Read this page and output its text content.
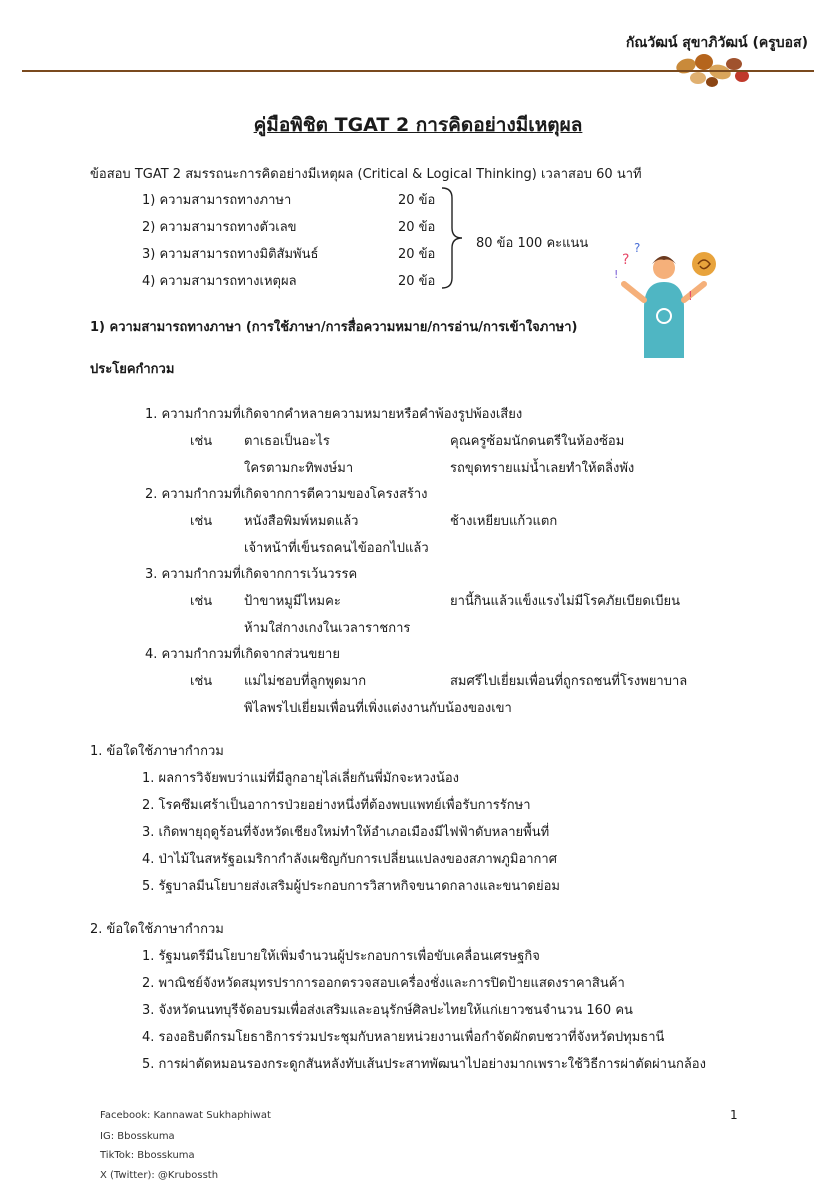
กัณวัฒน์ สุขาภิวัฒน์ (ครูบอส)
คู่มือพิชิต TGAT 2 การคิดอย่างมีเหตุผล
ข้อสอบ TGAT 2 สมรรถนะการคิดอย่างมีเหตุผล (Critical & Logical Thinking) เวลาสอบ 60 นาที
1) ความสามารถทางภาษา	20 ข้อ
2) ความสามารถทางตัวเลข	20 ข้อ
3) ความสามารถทางมิติสัมพันธ์	20 ข้อ
4) ความสามารถทางเหตุผล	20 ข้อ
80 ข้อ 100 คะแนน
?
?
!
!
1) ความสามารถทางภาษา (การใช้ภาษา/การสื่อความหมาย/การอ่าน/การเข้าใจภาษา)
ประโยคกำกวม
1. ความกำกวมที่เกิดจากคำหลายความหมายหรือคำพ้องรูปพ้องเสียง
เช่น ตาเธอเป็นอะไร	คุณครูซ้อมนักดนตรีในห้องซ้อม
ใครตามกะทิพงษ์มา	รถขุดทรายแม่น้ำเลยทำให้ตลิ่งพัง
2. ความกำกวมที่เกิดจากการตีความของโครงสร้าง
เช่น หนังสือพิมพ์หมดแล้ว	ช้างเหยียบแก้วแตก
เจ้าหน้าที่เข็นรถคนไข้ออกไปแล้ว
3. ความกำกวมที่เกิดจากการเว้นวรรค
เช่น ป้าขาหมูมีไหมคะ	ยานี้กินแล้วแข็งแรงไม่มีโรคภัยเบียดเบียน
ห้ามใส่กางเกงในเวลาราชการ
4. ความกำกวมที่เกิดจากส่วนขยาย
เช่น แม่ไม่ชอบที่ลูกพูดมาก	สมศรีไปเยี่ยมเพื่อนที่ถูกรถชนที่โรงพยาบาล
พิไลพรไปเยี่ยมเพื่อนที่เพิ่งแต่งงานกับน้องของเขา
1. ข้อใดใช้ภาษากำกวม
1. ผลการวิจัยพบว่าแม่ที่มีลูกอายุไล่เลี่ยกันพี่มักจะหวงน้อง
2. โรคซึมเศร้าเป็นอาการป่วยอย่างหนึ่งที่ต้องพบแพทย์เพื่อรับการรักษา
3. เกิดพายุฤดูร้อนที่จังหวัดเชียงใหม่ทำให้อำเภอเมืองมีไฟฟ้าดับหลายพื้นที่
4. ป่าไม้ในสหรัฐอเมริกากำลังเผชิญกับการเปลี่ยนแปลงของสภาพภูมิอากาศ
5. รัฐบาลมีนโยบายส่งเสริมผู้ประกอบการวิสาหกิจขนาดกลางและขนาดย่อม
2. ข้อใดใช้ภาษากำกวม
1. รัฐมนตรีมีนโยบายให้เพิ่มจำนวนผู้ประกอบการเพื่อขับเคลื่อนเศรษฐกิจ
2. พาณิชย์จังหวัดสมุทรปราการออกตรวจสอบเครื่องชั่งและการปิดป้ายแสดงราคาสินค้า
3. จังหวัดนนทบุรีจัดอบรมเพื่อส่งเสริมและอนุรักษ์ศิลปะไทยให้แก่เยาวชนจำนวน 160 คน
4. รองอธิบดีกรมโยธาธิการร่วมประชุมกับหลายหน่วยงานเพื่อกำจัดผักตบชวาที่จังหวัดปทุมธานี
5. การผ่าตัดหมอนรองกระดูกสันหลังทับเส้นประสาทพัฒนาไปอย่างมากเพราะใช้วิธีการผ่าตัดผ่านกล้อง
Facebook: Kannawat Sukhaphiwat
IG: Bbosskuma
TikTok: Bbosskuma
X (Twitter): @Krubossth
1
